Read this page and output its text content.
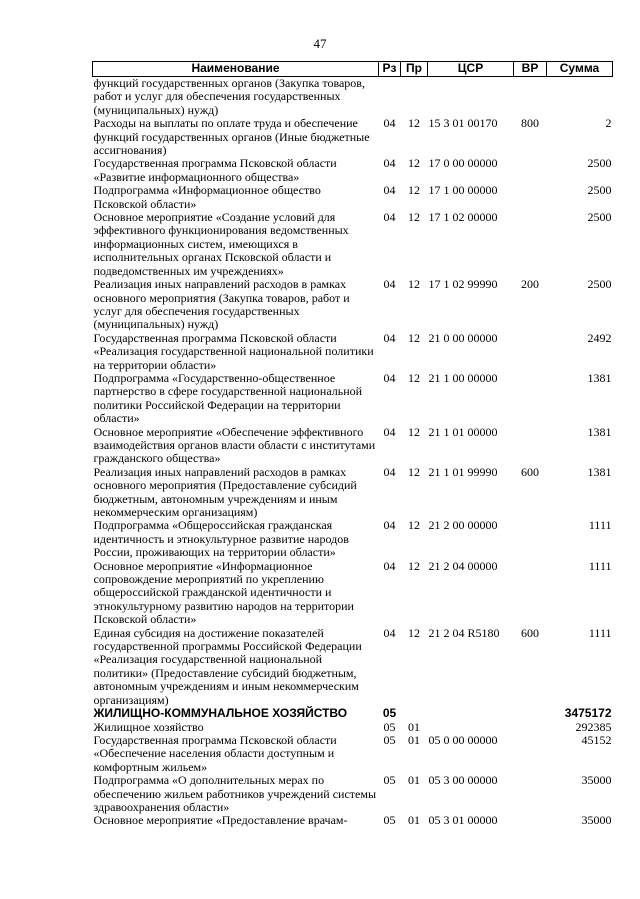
47
Наименование	Рз	Пр	ЦСР	ВР	Сумма
функций государственных органов (Закупка товаров, работ и услуг для обеспечения государственных (муниципальных) нужд)					
Расходы на выплаты по оплате труда и обеспечение функций государственных органов (Иные бюджетные ассигнования)	04	12	15 3 01 00170	800	2
Государственная программа Псковской области «Развитие информационного общества»	04	12	17 0 00 00000		2500
Подпрограмма «Информационное общество Псковской области»	04	12	17 1 00 00000		2500
Основное мероприятие «Создание условий для эффективного функционирования ведомственных информационных систем, имеющихся в исполнительных органах Псковской области и подведомственных им учреждениях»	04	12	17 1 02 00000		2500
Реализация иных направлений расходов в рамках основного мероприятия (Закупка товаров, работ и услуг для обеспечения государственных (муниципальных) нужд)	04	12	17 1 02 99990	200	2500
Государственная программа Псковской области «Реализация государственной национальной политики на территории области»	04	12	21 0 00 00000		2492
Подпрограмма «Государственно-общественное партнерство в сфере государственной национальной политики Российской Федерации на территории области»	04	12	21 1 00 00000		1381
Основное мероприятие «Обеспечение эффективного взаимодействия органов власти области с институтами гражданского общества»	04	12	21 1 01 00000		1381
Реализация иных направлений расходов в рамках основного мероприятия (Предоставление субсидий бюджетным, автономным учреждениям и иным некоммерческим организациям)	04	12	21 1 01 99990	600	1381
Подпрограмма «Общероссийская гражданская идентичность и этнокультурное развитие народов России, проживающих на территории области»	04	12	21 2 00 00000		1111
Основное мероприятие «Информационное сопровождение мероприятий по укреплению общероссийской гражданской идентичности и этнокультурному развитию народов на территории Псковской области»	04	12	21 2 04 00000		1111
Единая субсидия на достижение показателей государственной программы Российской Федерации «Реализация государственной национальной политики» (Предоставление субсидий бюджетным, автономным учреждениям и иным некоммерческим организациям)	04	12	21 2 04 R5180	600	1111
ЖИЛИЩНО-КОММУНАЛЬНОЕ ХОЗЯЙСТВО	05				3475172
Жилищное хозяйство	05	01			292385
Государственная программа Псковской области «Обеспечение населения области доступным и комфортным жильем»	05	01	05 0 00 00000		45152
Подпрограмма «О дополнительных мерах по обеспечению жильем работников учреждений системы здравоохранения области»	05	01	05 3 00 00000		35000
Основное мероприятие «Предоставление врачам-	05	01	05 3 01 00000		35000
